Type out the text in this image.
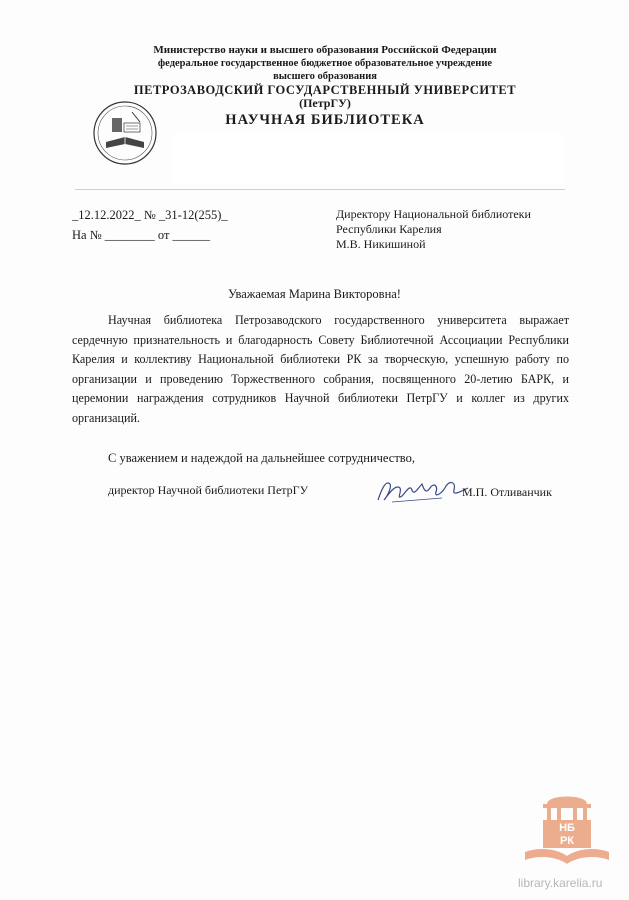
Министерство науки и высшего образования Российской Федерации
федеральное государственное бюджетное образовательное учреждение
высшего образования
ПЕТРОЗАВОДСКИЙ ГОСУДАРСТВЕННЫЙ УНИВЕРСИТЕТ
(ПетрГУ)
НАУЧНАЯ БИБЛИОТЕКА
_12.12.2022_ № _31-12(255)_
На № ________ от ______
Директору Национальной библиотеки
Республики Карелия
М.В. Никишиной
Уважаемая Марина Викторовна!

Научная библиотека Петрозаводского государственного университета выражает сердечную признательность и благодарность Совету Библиотечной Ассоциации Республики Карелия и коллективу Национальной библиотеки РК за творческую, успешную работу по организации и проведению Торжественного собрания, посвященного 20-летию БАРК, и церемонии награждения сотрудников Научной библиотеки ПетрГУ и коллег из других организаций.

С уважением и надеждой на дальнейшее сотрудничество,
директор Научной библиотеки ПетрГУ	М.П. Отливанчик
НБ
РК
library.karelia.ru
